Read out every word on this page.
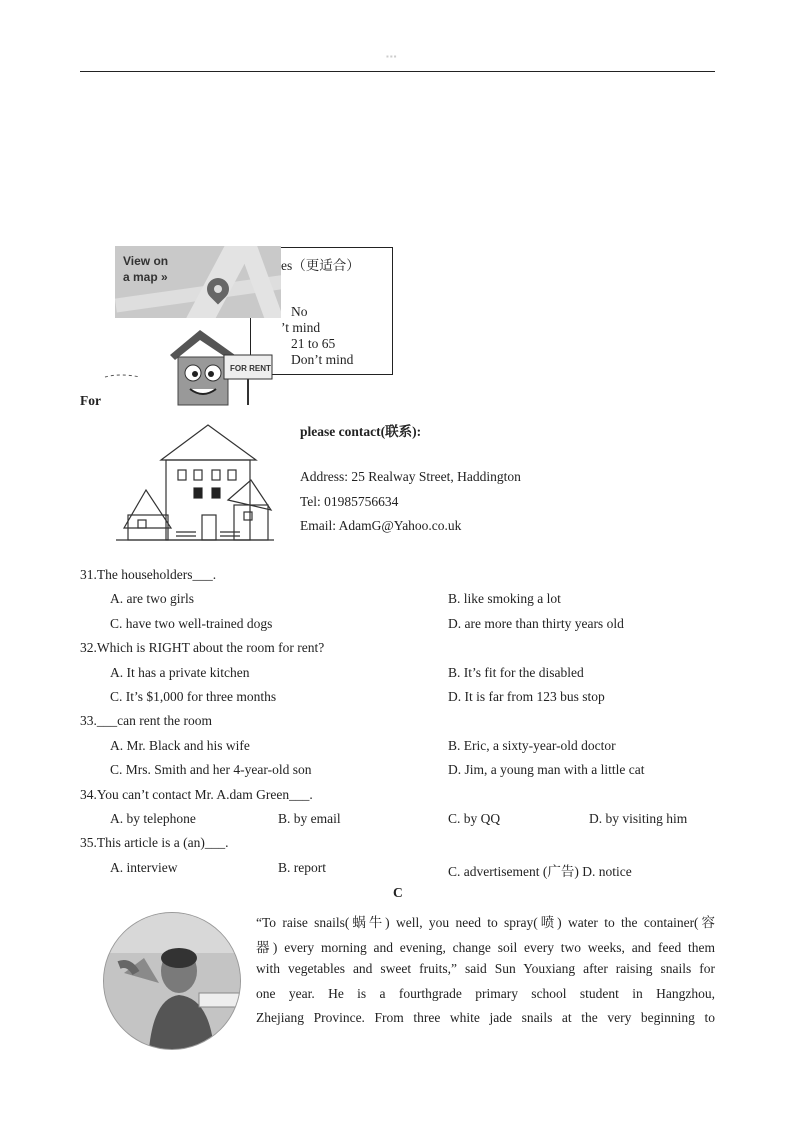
▪▪▪
es（更适合）
No
’t mind
21 to 65
Don’t mind
View on
a map »
FOR RENT
For
please contact(联系):
Address: 25 Realway Street, Haddington
Tel: 01985756634
Email: AdamG@Yahoo.co.uk
31.The householders___.
A. are two girls	B. like smoking a lot
C. have two well-trained dogs	D. are more than thirty years old
32.Which is RIGHT about the room for rent?
A. It has a private kitchen	B. It’s fit for the disabled
C. It’s $1,000 for three months	D. It is far from 123 bus stop
33.___can rent the room
A. Mr. Black and his wife	B. Eric, a sixty-year-old doctor
C. Mrs. Smith and her 4-year-old son	D. Jim, a young man with a little cat
34.You can’t contact Mr. A.dam Green___.
A. by telephone	B. by email	C. by QQ	D. by visiting him
35.This article is a (an)___.
A. interview	B. report	C. advertisement (广告) D. notice
C
“To raise snails(蜗牛) well, you need to spray(喷) water to the container(容
器) every morning and evening, change soil every two weeks, and feed them
with vegetables and sweet fruits,” said Sun Youxiang after raising snails for
one year. He is a fourthgrade primary school student in Hangzhou,
Zhejiang Province. From three white jade snails at the very beginning to
